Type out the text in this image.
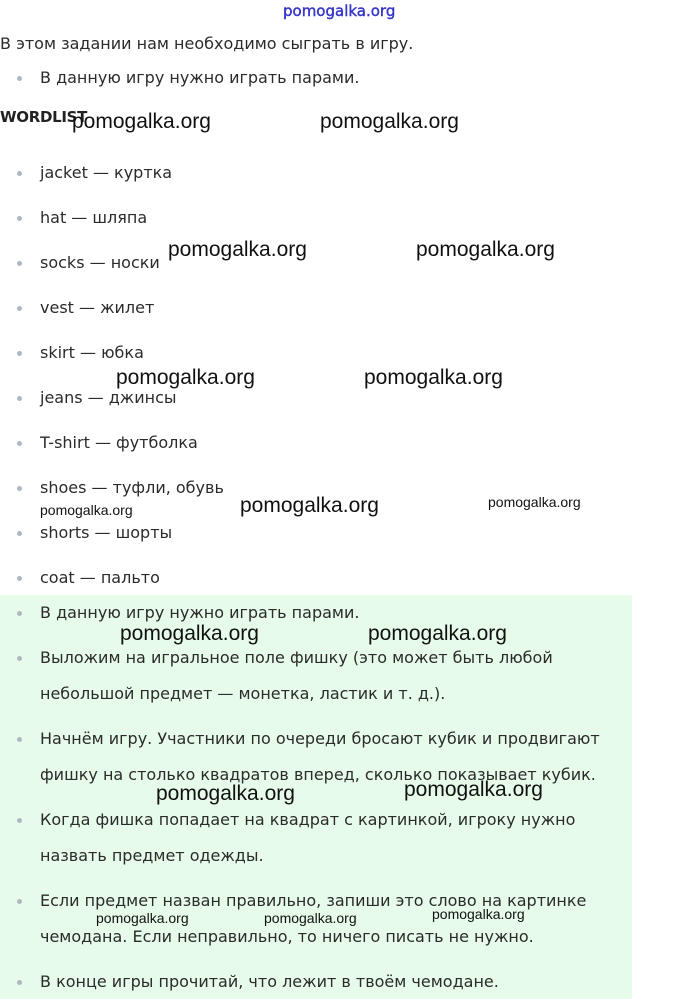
pomogalka.org

В этом задании нам необходимо сыграть в игру.

В данную игру нужно играть парами.
WORDLIST
jacket — куртка
hat — шляпа
socks — носки
vest — жилет
skirt — юбка
jeans — джинсы
T-shirt — футболка
shoes — туфли, обувь
shorts — шорты
coat — пальто
В данную игру нужно играть парами.
Выложим на игральное поле фишку (это может быть любой
небольшой предмет — монетка, ластик и т. д.).
Начнём игру. Участники по очереди бросают кубик и продвигают
фишку на столько квадратов вперед, сколько показывает кубик.
Когда фишка попадает на квадрат с картинкой, игроку нужно
назвать предмет одежды.
Если предмет назван правильно, запиши это слово на картинке
чемодана. Если неправильно, то ничего писать не нужно.
В конце игры прочитай, что лежит в твоём чемодане.
pomogalka.org	pomogalka.org
pomogalka.org	pomogalka.org
pomogalka.org	pomogalka.org
pomogalka.org	pomogalka.org	pomogalka.org
pomogalka.org	pomogalka.org
pomogalka.org	pomogalka.org
pomogalka.org	pomogalka.org	pomogalka.org
